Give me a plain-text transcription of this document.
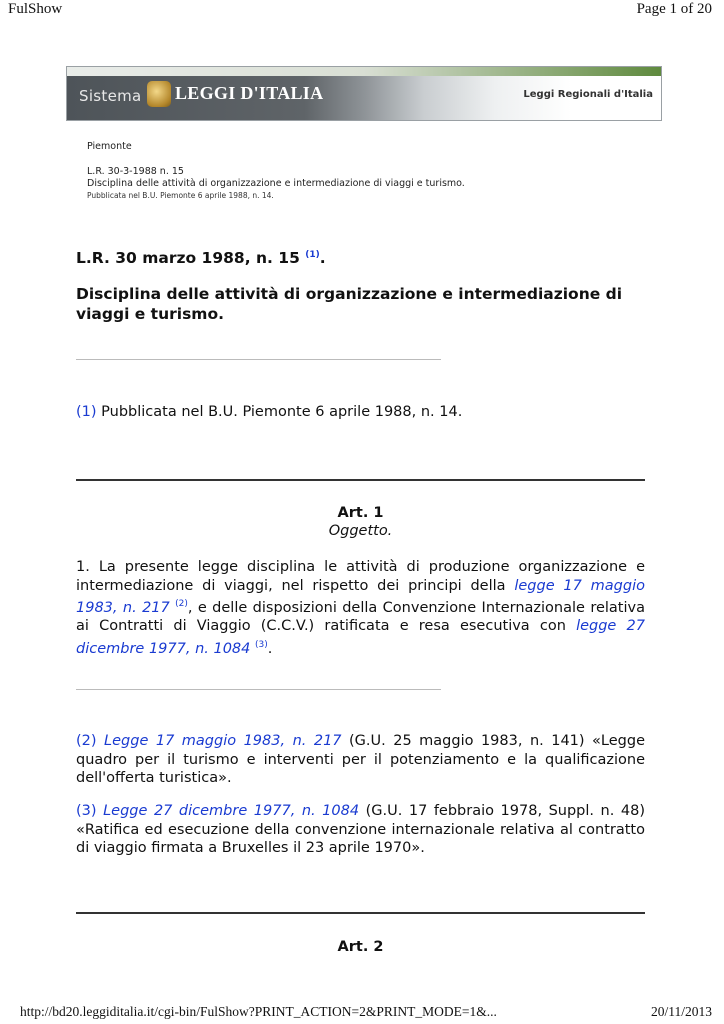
FulShow	Page 1 of 20
Sistema LEGGI D'ITALIA	Leggi Regionali d'Italia
Piemonte
L.R. 30-3-1988 n. 15
Disciplina delle attività di organizzazione e intermediazione di viaggi e turismo.
Pubblicata nel B.U. Piemonte 6 aprile 1988, n. 14.
L.R. 30 marzo 1988, n. 15 $^{(1)}$.
Disciplina delle attività di organizzazione e intermediazione di viaggi e turismo.
(1) Pubblicata nel B.U. Piemonte 6 aprile 1988, n. 14.
Art. 1
Oggetto.
1. La presente legge disciplina le attività di produzione organizzazione e intermediazione di viaggi, nel rispetto dei principi della legge 17 maggio 1983, n. 217 $^{(2)}$, e delle disposizioni della Convenzione Internazionale relativa ai Contratti di Viaggio (C.C.V.) ratificata e resa esecutiva con legge 27 dicembre 1977, n. 1084 $^{(3)}$.
(2) Legge 17 maggio 1983, n. 217 (G.U. 25 maggio 1983, n. 141) «Legge quadro per il turismo e interventi per il potenziamento e la qualificazione dell'offerta turistica».
(3) Legge 27 dicembre 1977, n. 1084 (G.U. 17 febbraio 1978, Suppl. n. 48) «Ratifica ed esecuzione della convenzione internazionale relativa al contratto di viaggio firmata a Bruxelles il 23 aprile 1970».
Art. 2
http://bd20.leggiditalia.it/cgi-bin/FulShow?PRINT_ACTION=2&PRINT_MODE=1&...	20/11/2013
